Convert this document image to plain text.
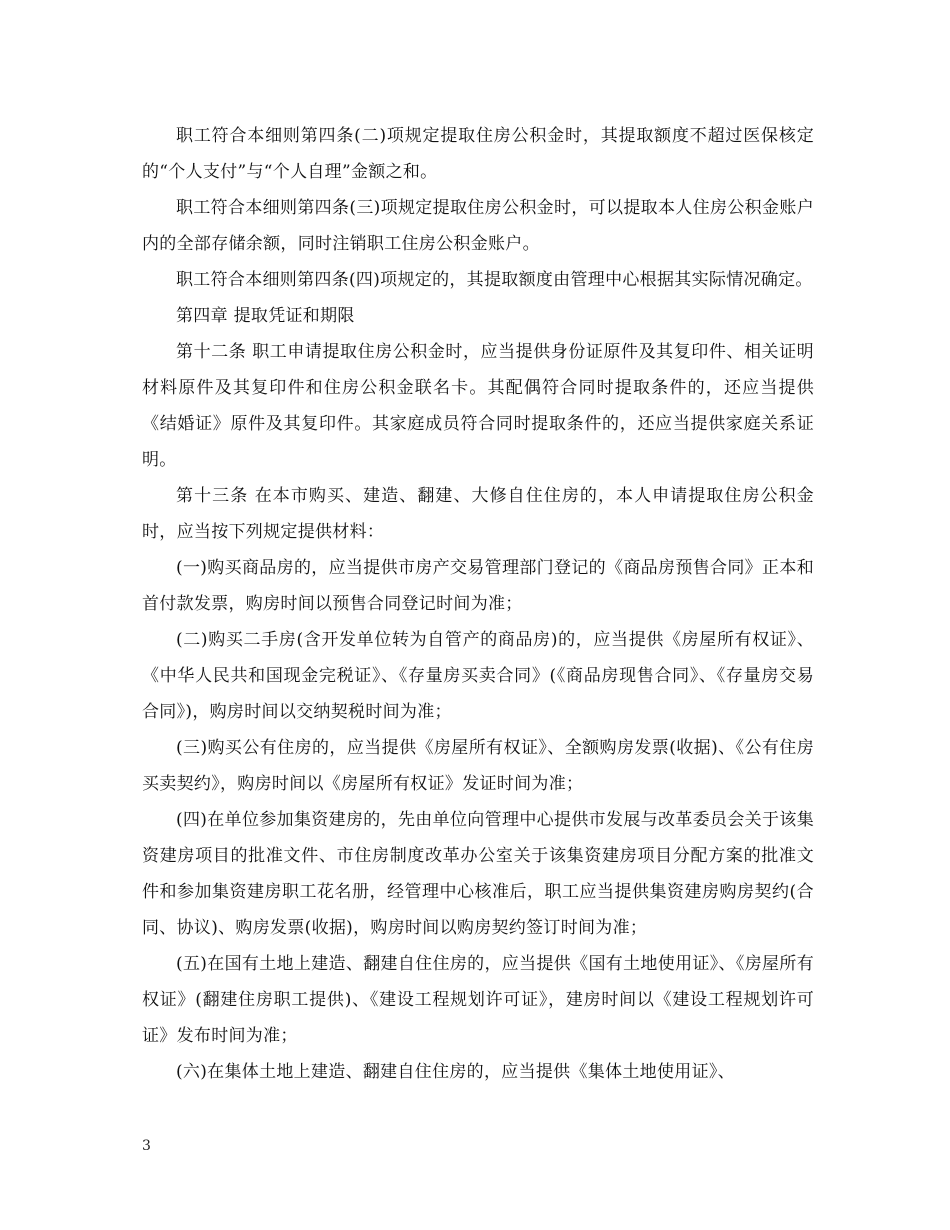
职工符合本细则第四条(二)项规定提取住房公积金时，其提取额度不超过医保核定的“个人支付”与“个人自理”金额之和。

职工符合本细则第四条(三)项规定提取住房公积金时，可以提取本人住房公积金账户内的全部存储余额，同时注销职工住房公积金账户。

职工符合本细则第四条(四)项规定的，其提取额度由管理中心根据其实际情况确定。

第四章 提取凭证和期限

第十二条 职工申请提取住房公积金时，应当提供身份证原件及其复印件、相关证明材料原件及其复印件和住房公积金联名卡。其配偶符合同时提取条件的，还应当提供《结婚证》原件及其复印件。其家庭成员符合同时提取条件的，还应当提供家庭关系证明。

第十三条 在本市购买、建造、翻建、大修自住住房的，本人申请提取住房公积金时，应当按下列规定提供材料：

(一)购买商品房的，应当提供市房产交易管理部门登记的《商品房预售合同》正本和首付款发票，购房时间以预售合同登记时间为准；

(二)购买二手房(含开发单位转为自管产的商品房)的，应当提供《房屋所有权证》、《中华人民共和国现金完税证》、《存量房买卖合同》(《商品房现售合同》、《存量房交易合同》)，购房时间以交纳契税时间为准；

(三)购买公有住房的，应当提供《房屋所有权证》、全额购房发票(收据)、《公有住房买卖契约》，购房时间以《房屋所有权证》发证时间为准；

(四)在单位参加集资建房的，先由单位向管理中心提供市发展与改革委员会关于该集资建房项目的批准文件、市住房制度改革办公室关于该集资建房项目分配方案的批准文件和参加集资建房职工花名册，经管理中心核准后，职工应当提供集资建房购房契约(合同、协议)、购房发票(收据)，购房时间以购房契约签订时间为准；

(五)在国有土地上建造、翻建自住住房的，应当提供《国有土地使用证》、《房屋所有权证》(翻建住房职工提供)、《建设工程规划许可证》，建房时间以《建设工程规划许可证》发布时间为准；

(六)在集体土地上建造、翻建自住住房的，应当提供《集体土地使用证》、

3
